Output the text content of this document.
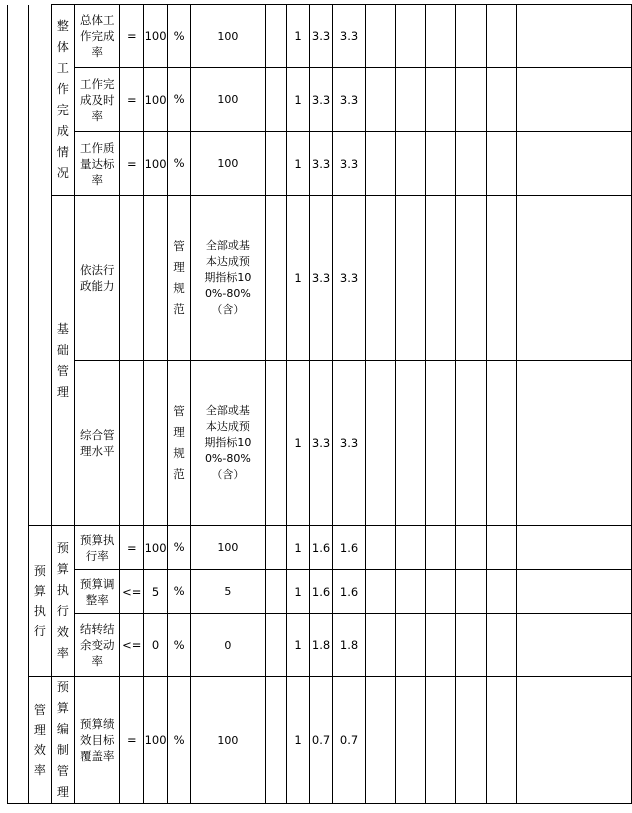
		整体工作完成情况	总体工作完成率	=	100	%	100		1	3.3	3.3						
			工作完成及时率	=	100	%	100		1	3.3	3.3						
			工作质量达标率	=	100	%	100		1	3.3	3.3						
		基础管理	依法行政能力			管理规范	全部或基本达成预期指标100%-80%（含）		1	3.3	3.3						
			综合管理水平			管理规范	全部或基本达成预期指标100%-80%（含）		1	3.3	3.3						
	预算执行	预算执行效率	预算执行率	=	100	%	100		1	1.6	1.6						
			预算调整率	<=	5	%	5		1	1.6	1.6						
			结转结余变动率	<=	0	%	0		1	1.8	1.8						
	管理效率	预算编制管理	预算绩效目标覆盖率	=	100	%	100		1	0.7	0.7						
